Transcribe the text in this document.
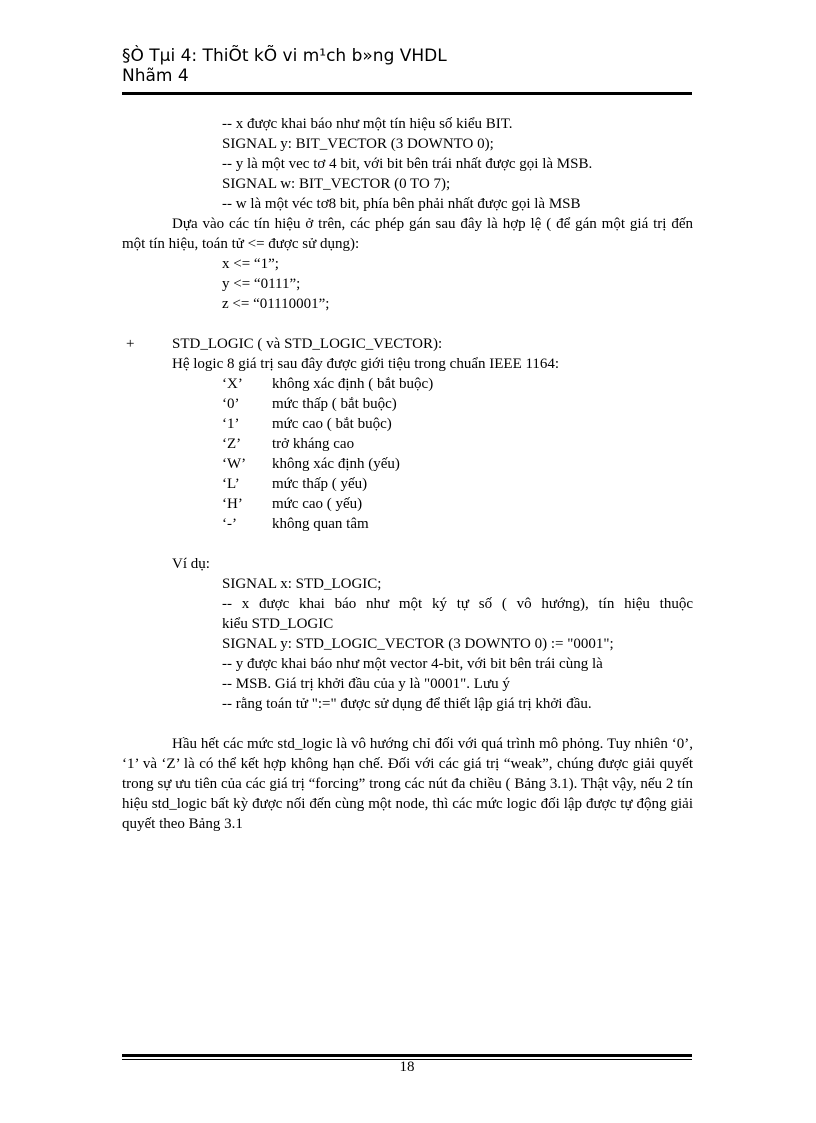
§Ò Tµi 4: ThiÕt kÕ vi m¹ch b»ng VHDL
Nhãm 4
-- x được khai báo như một tín hiệu số kiểu BIT.
SIGNAL y: BIT_VECTOR (3 DOWNTO 0);
-- y là một vec tơ 4 bit, với bit bên trái nhất được gọi là MSB.
SIGNAL w: BIT_VECTOR (0 TO 7);
-- w là một véc tơ8 bit, phía bên phải nhất được gọi là MSB
Dựa vào các tín hiệu ở trên, các phép gán sau đây là hợp lệ ( để gán một giá trị đến một tín hiệu, toán tử <= được sử dụng):
x <= “1”;
y <= “0111”;
z <= “01110001”;
+	STD_LOGIC ( và STD_LOGIC_VECTOR):
Hệ logic 8 giá trị sau đây được giới tiệu trong chuẩn IEEE 1164:
‘X’ không xác định ( bắt buộc)
‘0’ mức thấp ( bắt buộc)
‘1’ mức cao ( bắt buộc)
‘Z’ trở kháng cao
‘W’ không xác định (yếu)
‘L’ mức thấp ( yếu)
‘H’ mức cao ( yếu)
‘-’ không quan tâm
Ví dụ:
SIGNAL x: STD_LOGIC;
-- x được khai báo như một ký tự số ( vô hướng), tín hiệu thuộc
kiểu STD_LOGIC
SIGNAL y: STD_LOGIC_VECTOR (3 DOWNTO 0) := "0001";
-- y được khai báo như một vector 4-bit, với bit bên trái cùng là
-- MSB. Giá trị khởi đầu của y là "0001". Lưu ý
-- rằng toán tử ":=" được sử dụng để thiết lập giá trị khởi đầu.
Hầu hết các mức std_logic là vô hướng chỉ đối với quá trình mô phỏng. Tuy nhiên ‘0’, ‘1’ và ‘Z’ là có thể kết hợp không hạn chế. Đối với các giá trị “weak”, chúng được giải quyết trong sự ưu tiên của các giá trị “forcing” trong các nút đa chiều ( Bảng 3.1). Thật vậy, nếu 2 tín hiệu std_logic bất kỳ được nối đến cùng một node, thì các mức logic đối lập được tự động giải quyết theo Bảng 3.1
18
